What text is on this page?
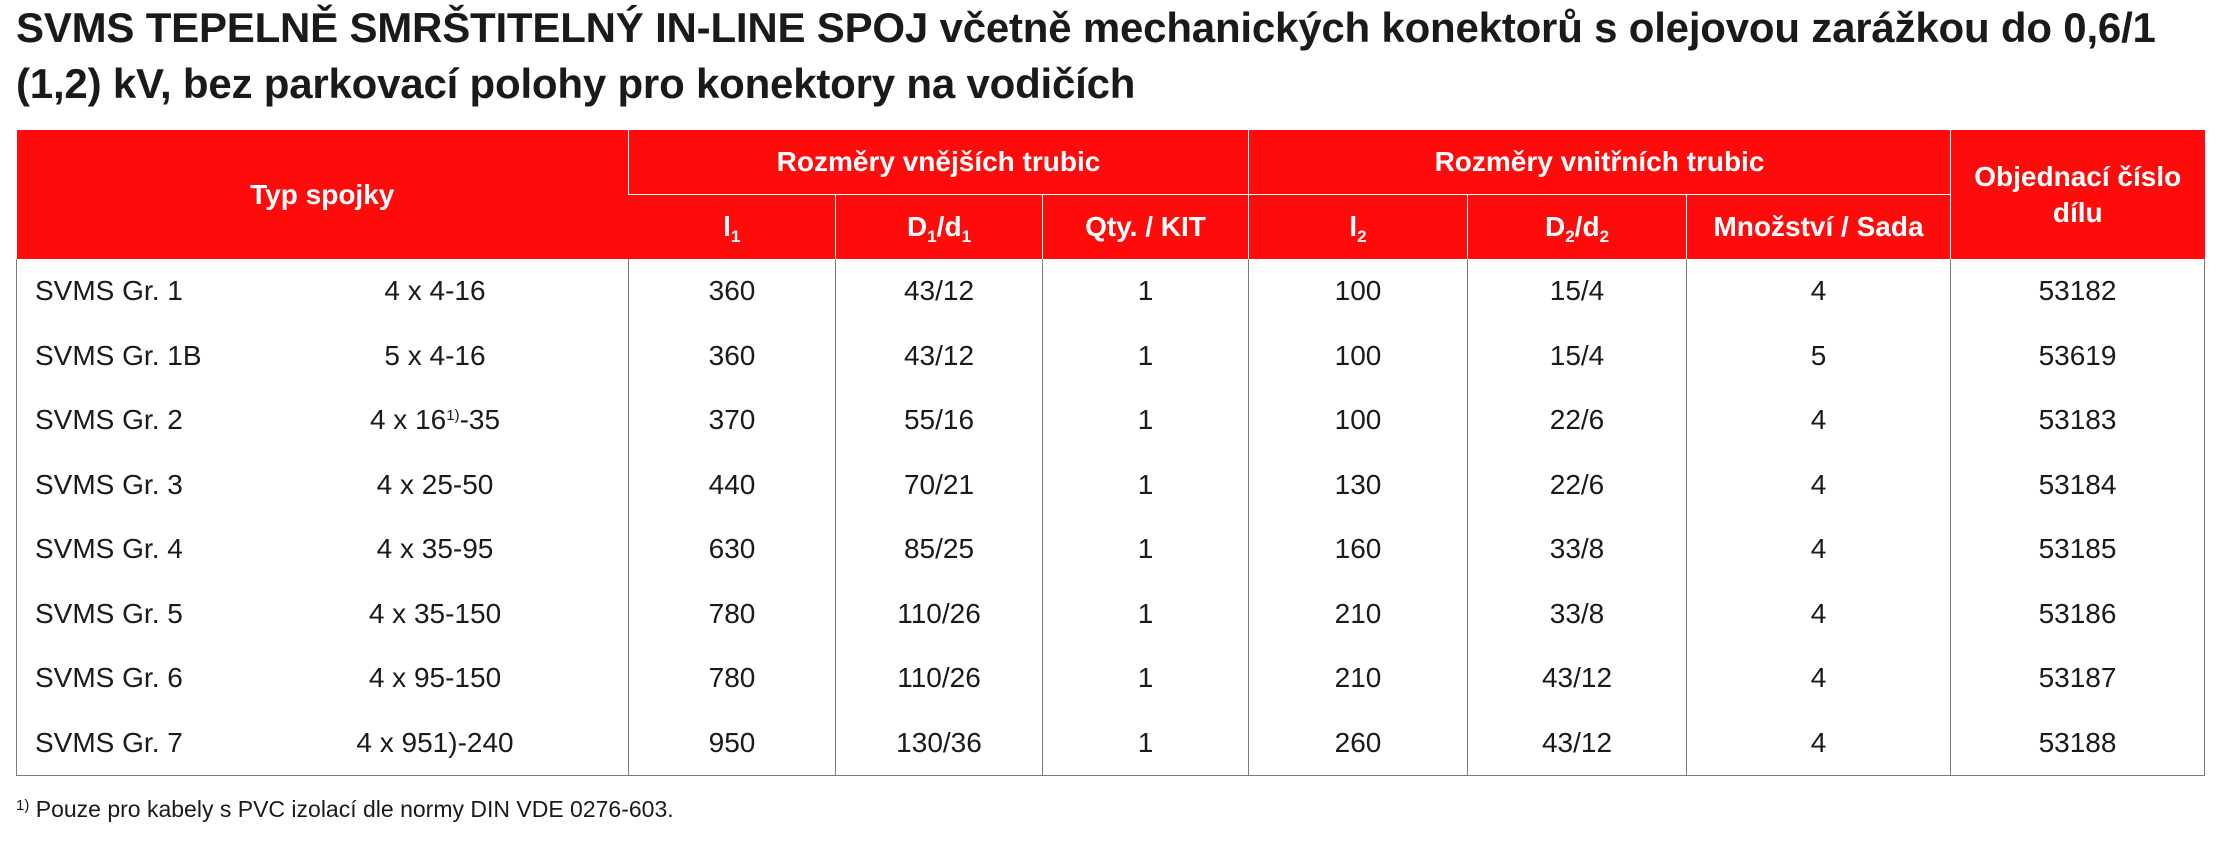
SVMS TEPELNĚ SMRŠTITELNÝ IN-LINE SPOJ včetně mechanických konektorů s olejovou zarážkou do 0,6/1 (1,2) kV, bez parkovací polohy pro konektory na vodičích
Typ spojky	Rozměry vnějších trubic			Rozměry vnitřních trubic			Objednací číslo dílu
	$l_1$	$D_1/d_1$	Qty. / KIT	$l_2$	$D_2/d_2$	Množství / Sada	

SVMS Gr. 1 4 x 4-16	360	43/12	1	100	15/4	4	53182

SVMS Gr. 1B 5 x 4-16	360	43/12	1	100	15/4	5	53619

SVMS Gr. 2 4 x 16$^{1)}$-35	370	55/16	1	100	22/6	4	53183

SVMS Gr. 3 4 x 25-50	440	70/21	1	130	22/6	4	53184

SVMS Gr. 4 4 x 35-95	630	85/25	1	160	33/8	4	53185

SVMS Gr. 5 4 x 35-150	780	110/26	1	210	33/8	4	53186

SVMS Gr. 6 4 x 95-150	780	110/26	1	210	43/12	4	53187

SVMS Gr. 7 4 x 951)-240	950	130/36	1	260	43/12	4	53188
$^{1)}$ Pouze pro kabely s PVC izolací dle normy DIN VDE 0276-603.
